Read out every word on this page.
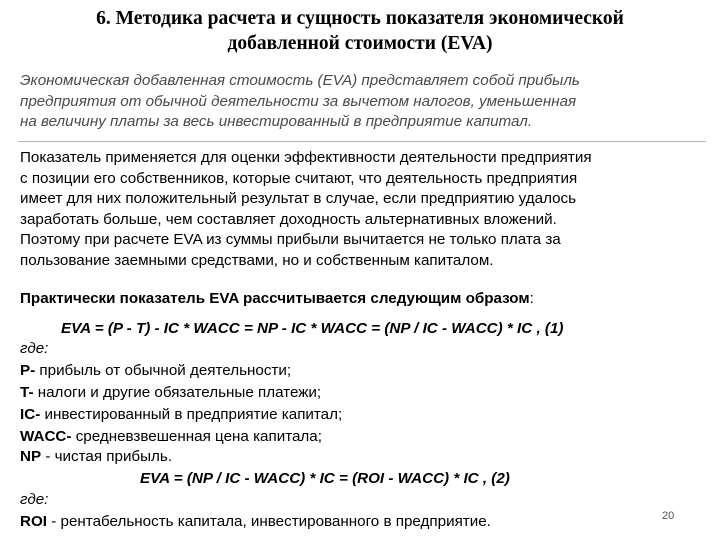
6. Методика расчета и сущность показателя экономической
добавленной стоимости (EVA)
Экономическая добавленная стоимость (EVA) представляет собой прибыль
предприятия от обычной деятельности за вычетом налогов, уменьшенная
на величину платы за весь инвестированный в предприятие капитал.
Показатель применяется для оценки эффективности деятельности предприятия
с позиции его собственников, которые считают, что деятельность предприятия
имеет для них положительный результат в случае, если предприятию удалось
заработать больше, чем составляет доходность альтернативных вложений.
Поэтому при расчете EVA из суммы прибыли вычитается не только плата за
пользование заемными средствами, но и собственным капиталом.
Практически показатель EVA рассчитывается следующим образом:
EVA = (P - T) - IC * WACC = NP - IC * WACC = (NP / IC - WACC) * IC , (1)
где:
P- прибыль от обычной деятельности;
T- налоги и другие обязательные платежи;
IC- инвестированный в предприятие капитал;
WACC- средневзвешенная цена капитала;
NP - чистая прибыль.
EVA = (NP / IC - WACC) * IC = (ROI - WACC) * IC , (2)
где:
ROI - рентабельность капитала, инвестированного в предприятие.	20
